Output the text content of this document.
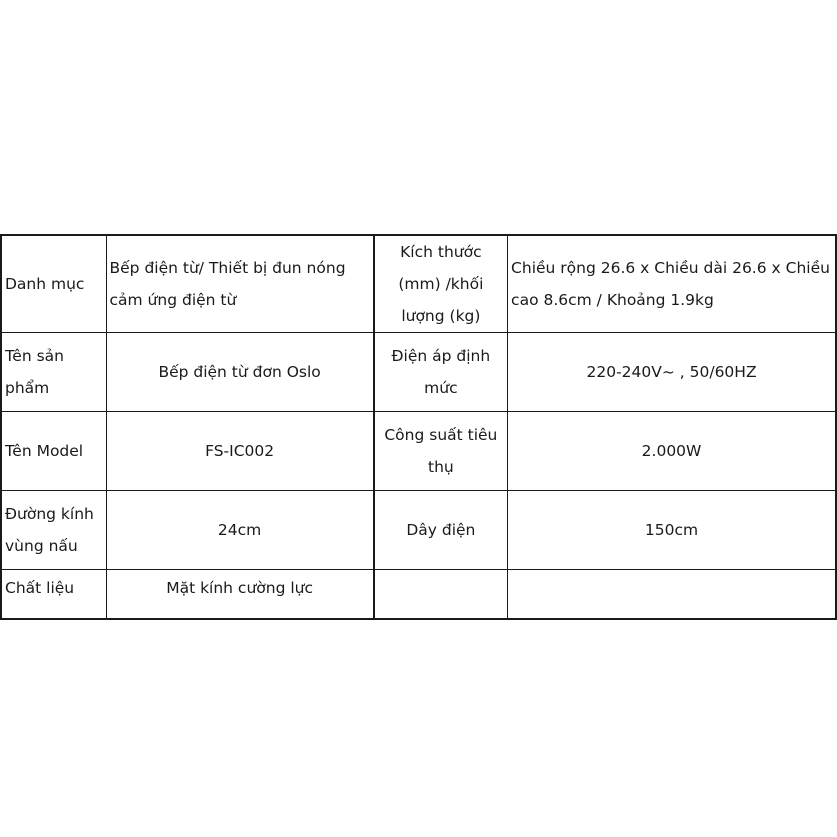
Danh mục	Bếp điện từ/ Thiết bị đun nóng cảm ứng điện từ	Kích thước (mm) /khối lượng (kg)	Chiều rộng 26.6 x Chiều dài 26.6 x Chiều cao 8.6cm / Khoảng 1.9kg

Tên sản phẩm	Bếp điện từ đơn Oslo	Điện áp định mức	220-240V~ , 50/60HZ

Tên Model	FS-IC002	Công suất tiêu thụ	2.000W

Đường kính vùng nấu	24cm	Dây điện	150cm

Chất liệu	Mặt kính cường lực		
